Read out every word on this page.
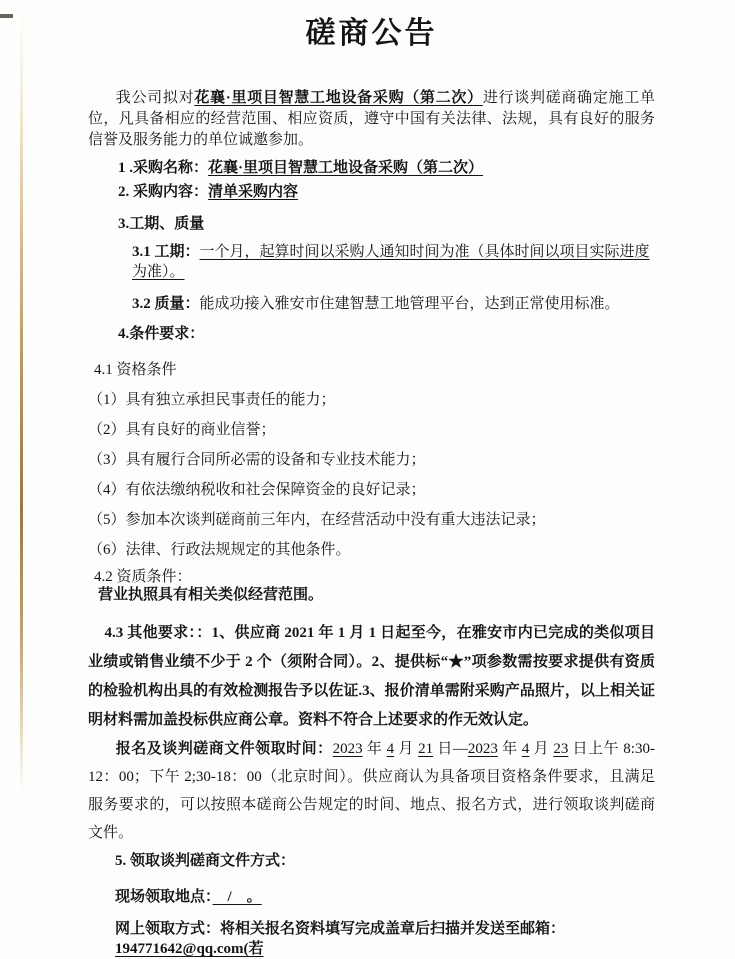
磋商公告

我公司拟对花襄·里项目智慧工地设备采购（第二次）进行谈判磋商确定施工单位，凡具备相应的经营范围、相应资质，遵守中国有关法律、法规，具有良好的服务信誉及服务能力的单位诚邀参加。

1 .采购名称：花襄·里项目智慧工地设备采购（第二次）

2. 采购内容：清单采购内容

3.工期、质量

3.1 工期：一个月，起算时间以采购人通知时间为准（具体时间以项目实际进度为准）。

3.2 质量：能成功接入雅安市住建智慧工地管理平台，达到正常使用标准。

4.条件要求：

4.1 资格条件

（1）具有独立承担民事责任的能力；

（2）具有良好的商业信誉；

（3）具有履行合同所必需的设备和专业技术能力；

（4）有依法缴纳税收和社会保障资金的良好记录；

（5）参加本次谈判磋商前三年内，在经营活动中没有重大违法记录；

（6）法律、行政法规规定的其他条件。

4.2 资质条件：

营业执照具有相关类似经营范围。

4.3 其他要求：：1、供应商 2021 年 1 月 1 日起至今，在雅安市内已完成的类似项目业绩或销售业绩不少于 2 个（须附合同）。2、提供标“★”项参数需按要求提供有资质的检验机构出具的有效检测报告予以佐证.3、报价清单需附采购产品照片，以上相关证明材料需加盖投标供应商公章。资料不符合上述要求的作无效认定。

报名及谈判磋商文件领取时间：2023 年 4 月 21 日—2023 年 4 月 23 日上午 8:30-12：00；下午 2;30-18：00（北京时间）。供应商认为具备项目资格条件要求，且满足服务要求的，可以按照本磋商公告规定的时间、地点、报名方式，进行领取谈判磋商文件。

5. 领取谈判磋商文件方式：

现场领取地点：　/　。

网上领取方式：将相关报名资料填写完成盖章后扫描并发送至邮箱：194771642@qq.com(若
